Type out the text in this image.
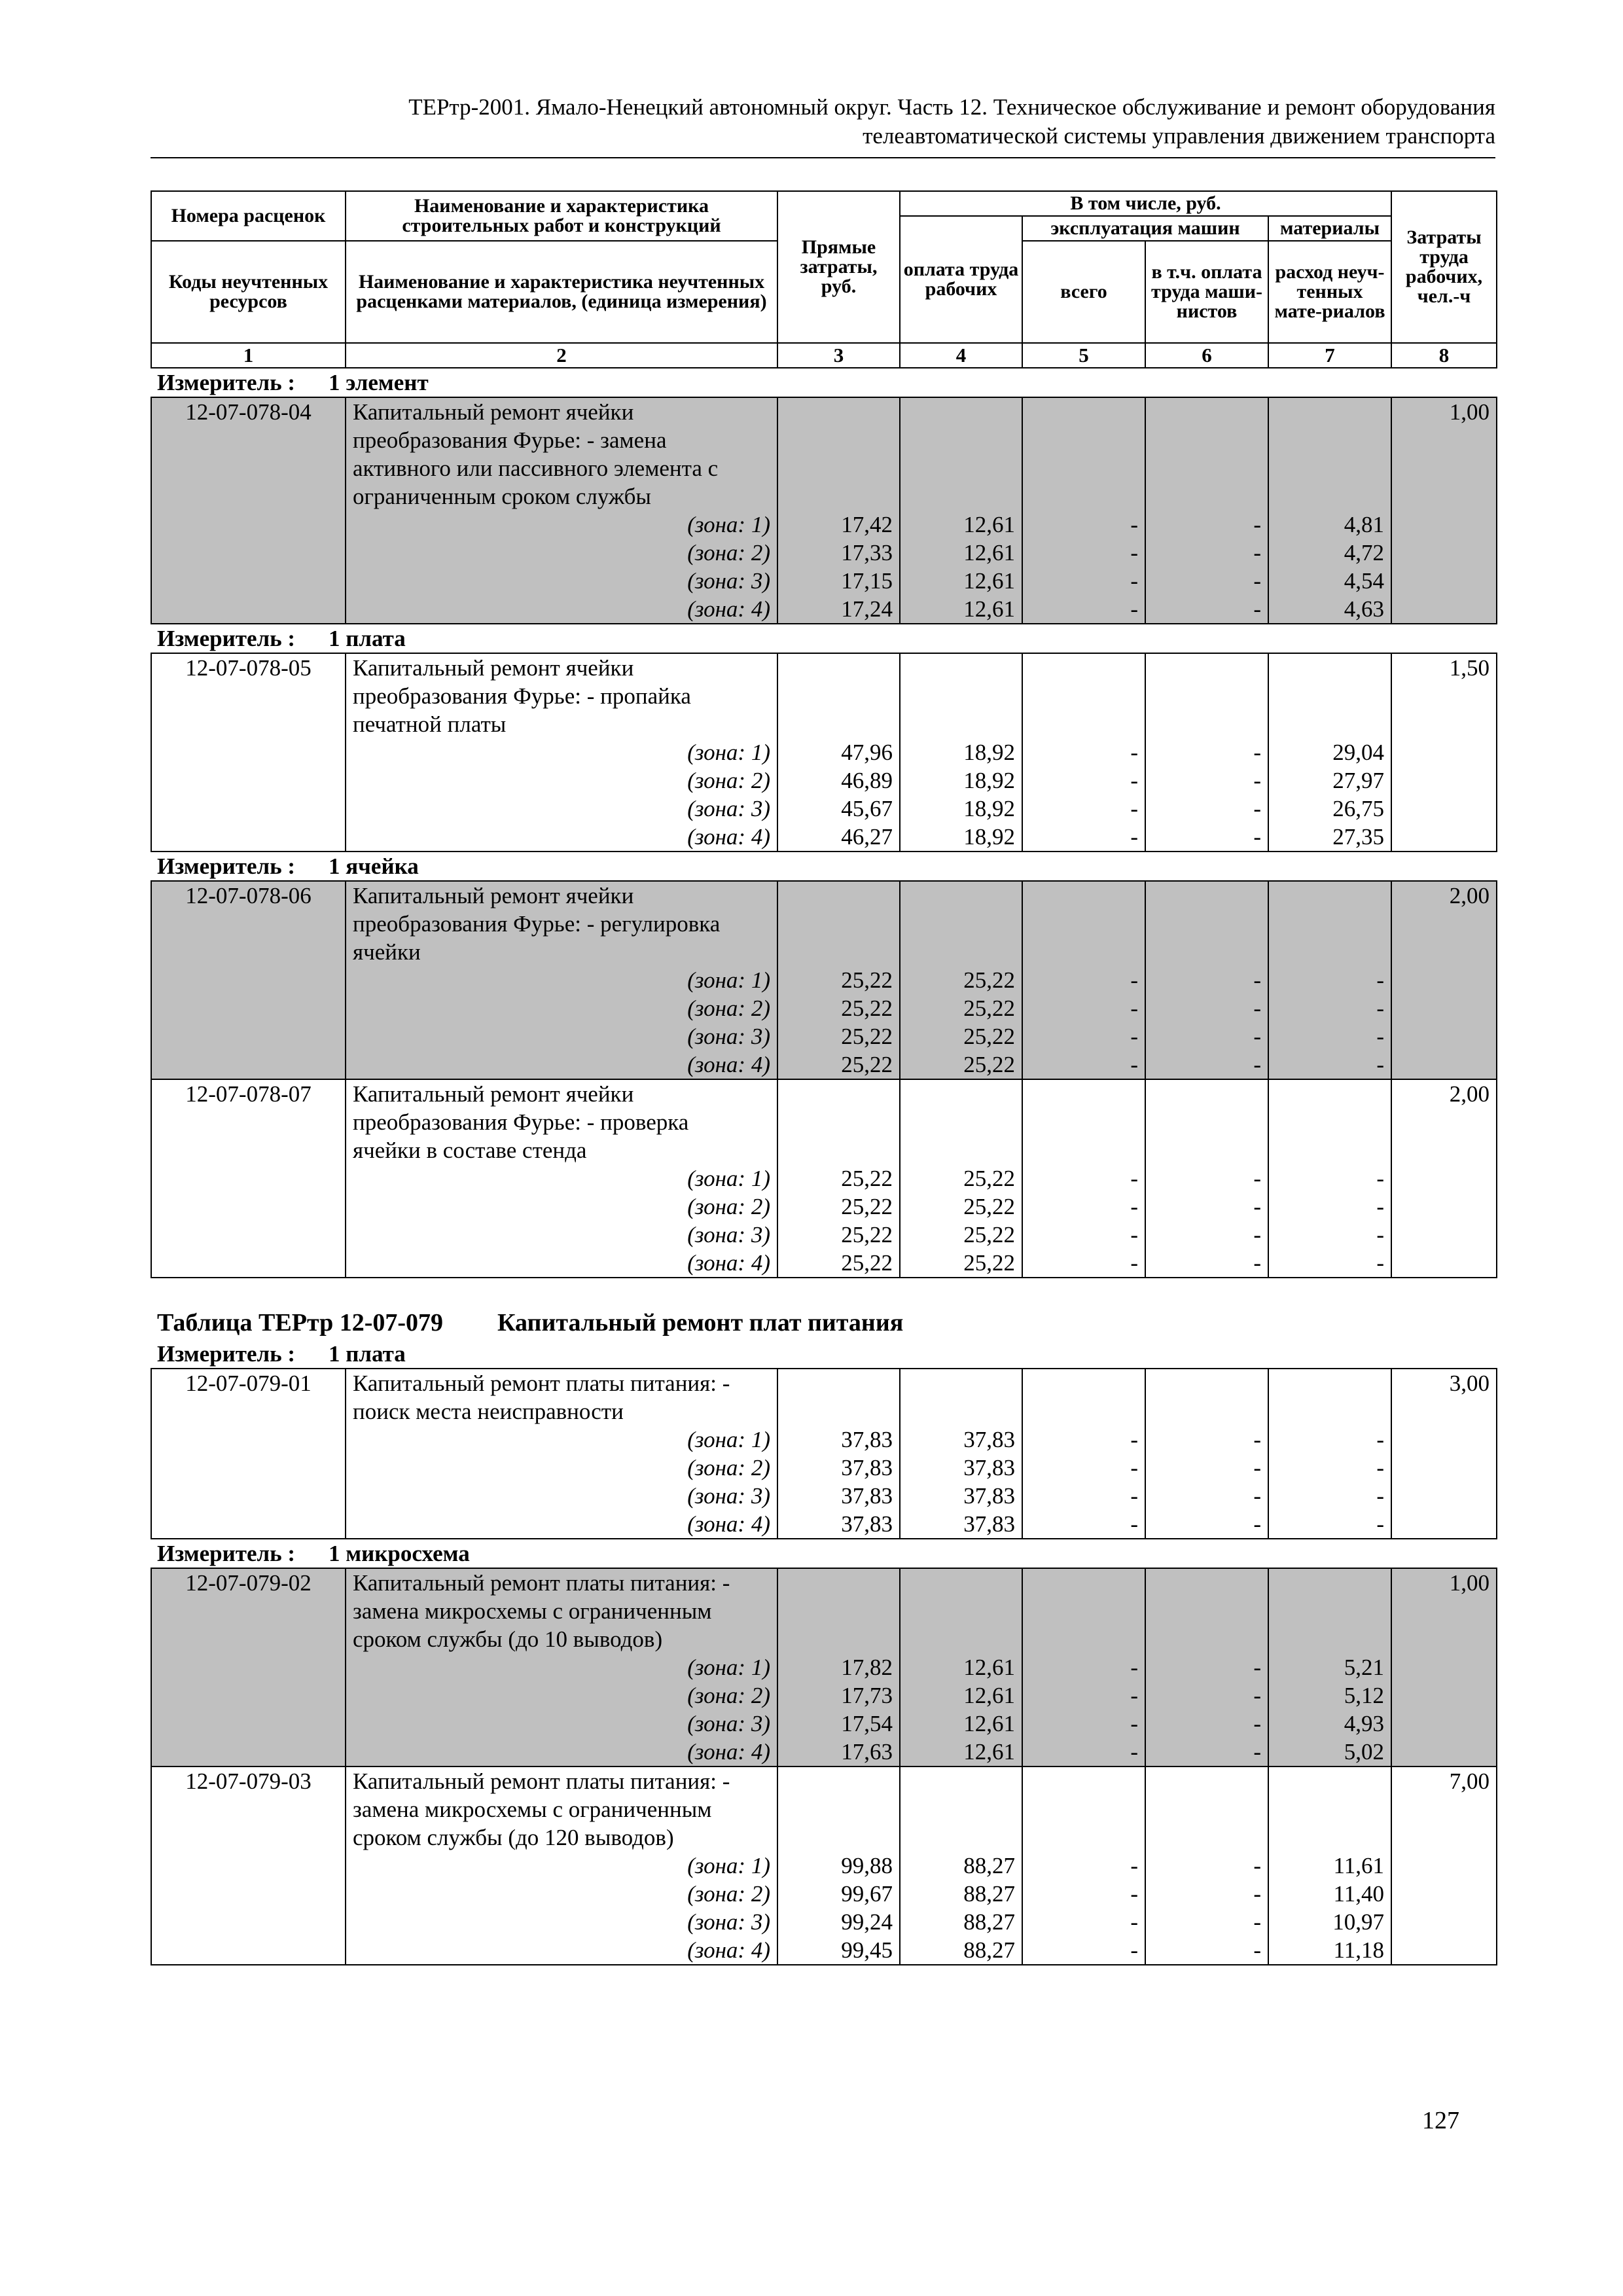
ТЕРтр-2001. Ямало-Ненецкий автономный округ. Часть 12. Техническое обслуживание и ремонт оборудования
телеавтоматической системы управления движением транспорта
Номера расценок	Наименование и характеристика строительных работ и конструкций	Прямые затраты, руб.	В том числе, руб.				Затраты труда рабочих, чел.-ч
			оплата труда рабочих	эксплуатация машин		материалы	
Коды неучтенных ресурсов	Наименование и характеристика неучтенных расценками материалов, (единица измерения)			всего	в т.ч. оплата труда маши-нистов	расход неуч-тенных мате-риалов	

1	2	3	4	5	6	7	8
Измеритель :	1 элемент
12-07-078-04	Капитальный ремонт ячейки						1,00
	преобразования Фурье: - замена						
	активного или пассивного элемента с						
	ограниченным сроком службы						
	(зона: 1)	17,42	12,61	-	-	4,81	
	(зона: 2)	17,33	12,61	-	-	4,72	
	(зона: 3)	17,15	12,61	-	-	4,54	
	(зона: 4)	17,24	12,61	-	-	4,63	
Измеритель :	1 плата
12-07-078-05	Капитальный ремонт ячейки						1,50
	преобразования Фурье: - пропайка						
	печатной платы						
	(зона: 1)	47,96	18,92	-	-	29,04	
	(зона: 2)	46,89	18,92	-	-	27,97	
	(зона: 3)	45,67	18,92	-	-	26,75	
	(зона: 4)	46,27	18,92	-	-	27,35	
Измеритель :	1 ячейка
12-07-078-06	Капитальный ремонт ячейки						2,00
	преобразования Фурье: - регулировка						
	ячейки						
	(зона: 1)	25,22	25,22	-	-	-	
	(зона: 2)	25,22	25,22	-	-	-	
	(зона: 3)	25,22	25,22	-	-	-	
	(зона: 4)	25,22	25,22	-	-	-	
12-07-078-07	Капитальный ремонт ячейки						2,00
	преобразования Фурье: - проверка						
	ячейки в составе стенда						
	(зона: 1)	25,22	25,22	-	-	-	
	(зона: 2)	25,22	25,22	-	-	-	
	(зона: 3)	25,22	25,22	-	-	-	
	(зона: 4)	25,22	25,22	-	-	-	
Таблица ТЕРтр 12-07-079 Капитальный ремонт плат питания
Измеритель :	1 плата
12-07-079-01	Капитальный ремонт платы питания: -						3,00
	поиск места неисправности						
	(зона: 1)	37,83	37,83	-	-	-	
	(зона: 2)	37,83	37,83	-	-	-	
	(зона: 3)	37,83	37,83	-	-	-	
	(зона: 4)	37,83	37,83	-	-	-	
Измеритель :	1 микросхема
12-07-079-02	Капитальный ремонт платы питания: -						1,00
	замена микросхемы с ограниченным						
	сроком службы (до 10 выводов)						
	(зона: 1)	17,82	12,61	-	-	5,21	
	(зона: 2)	17,73	12,61	-	-	5,12	
	(зона: 3)	17,54	12,61	-	-	4,93	
	(зона: 4)	17,63	12,61	-	-	5,02	
12-07-079-03	Капитальный ремонт платы питания: -						7,00
	замена микросхемы с ограниченным						
	сроком службы (до 120 выводов)						
	(зона: 1)	99,88	88,27	-	-	11,61	
	(зона: 2)	99,67	88,27	-	-	11,40	
	(зона: 3)	99,24	88,27	-	-	10,97	
	(зона: 4)	99,45	88,27	-	-	11,18	
127
